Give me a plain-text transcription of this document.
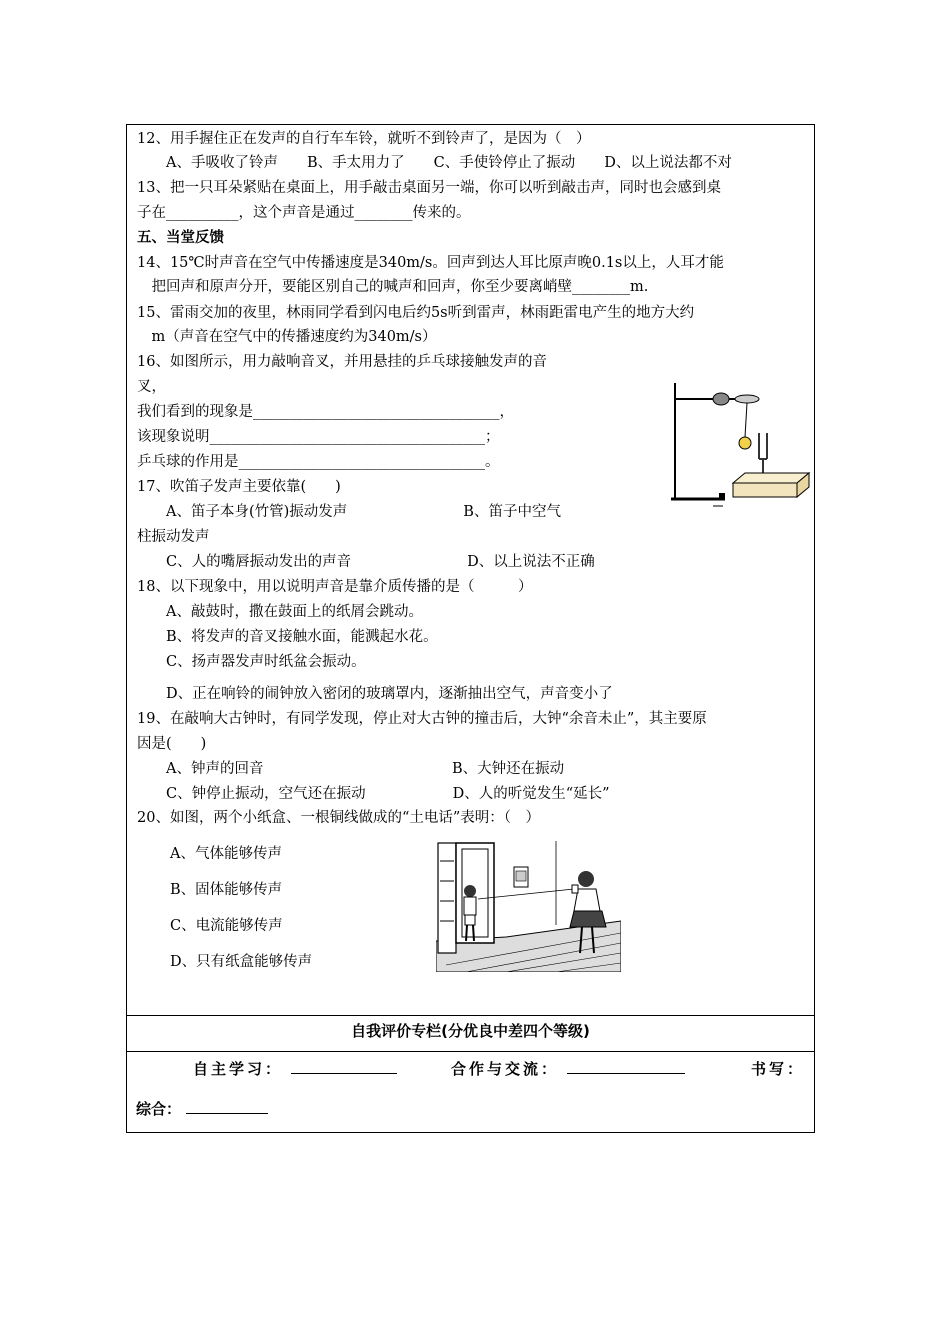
12、用手握住正在发声的自行车车铃，就听不到铃声了，是因为（　）
　　A、手吸收了铃声　　B、手太用力了　　C、手使铃停止了振动　　D、以上说法都不对
13、把一只耳朵紧贴在桌面上，用手敲击桌面另一端，你可以听到敲击声，同时也会感到桌
子在__________，这个声音是通过________传来的。
五、当堂反馈
14、15℃时声音在空气中传播速度是340m/s。回声到达人耳比原声晚0.1s以上，人耳才能
　把回声和原声分开，要能区别自己的喊声和回声，你至少要离峭壁________m.
15、雷雨交加的夜里，林雨同学看到闪电后约5s听到雷声，林雨距雷电产生的地方大约
　m（声音在空气中的传播速度约为340m/s）
16、如图所示，用力敲响音叉，并用悬挂的乒乓球接触发声的音
叉，
我们看到的现象是__________________________________，
该现象说明______________________________________；
乒乓球的作用是__________________________________。
17、吹笛子发声主要依靠(　　)
　　A、笛子本身(竹管)振动发声　　　　　　　　B、笛子中空气
柱振动发声
　　C、人的嘴唇振动发出的声音　　　　　　　　D、以上说法不正确
18、以下现象中，用以说明声音是靠介质传播的是（　　　）
　　A、敲鼓时，撒在鼓面上的纸屑会跳动。
　　B、将发声的音叉接触水面，能溅起水花。
　　C、扬声器发声时纸盆会振动。
　　D、正在响铃的闹钟放入密闭的玻璃罩内，逐渐抽出空气，声音变小了
19、在敲响大古钟时，有同学发现，停止对大古钟的撞击后，大钟“余音未止”，其主要原
因是(　　)
　　A、钟声的回音　　　　　　　　　　　　　B、大钟还在振动
　　C、钟停止振动，空气还在振动　　　　　　D、人的听觉发生“延长”
20、如图，两个小纸盒、一根铜线做成的“土电话”表明：（　）
　　A、气体能够传声
　　B、固体能够传声
　　C、电流能够传声
　　D、只有纸盒能够传声
自我评价专栏(分优良中差四个等级)
自主学习：	合作与交流：	书写：
综合：
